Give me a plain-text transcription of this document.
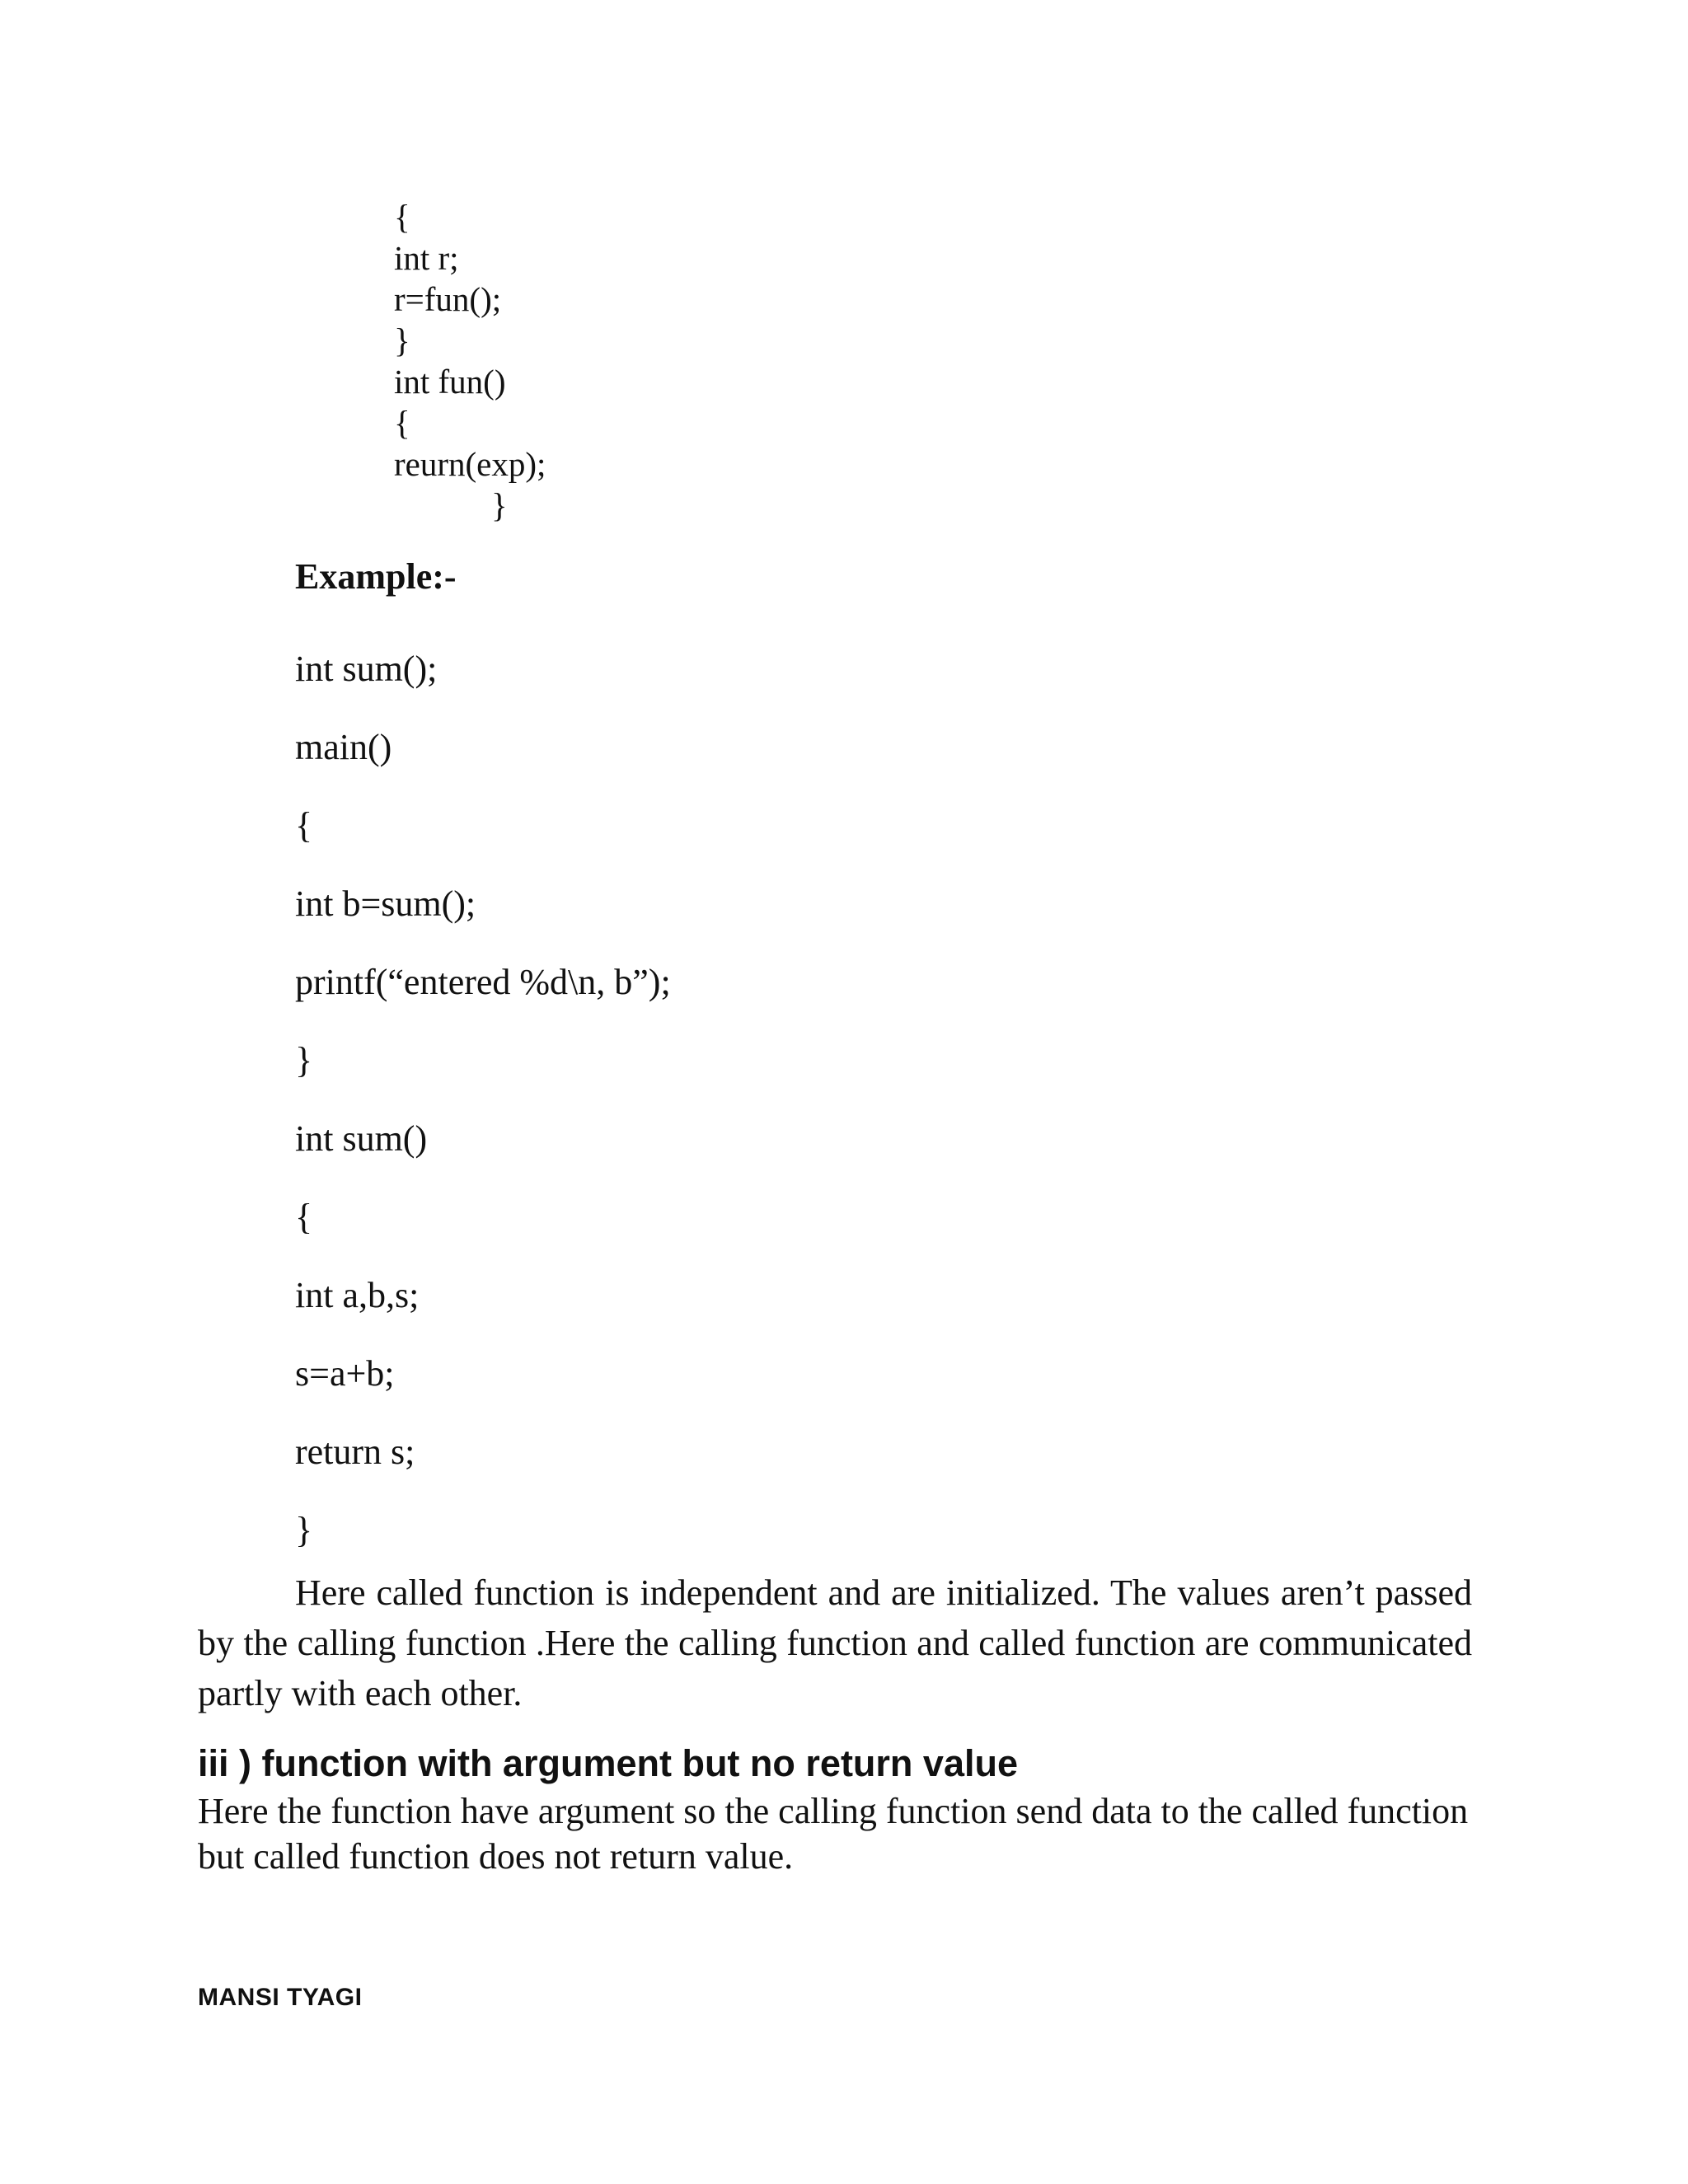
{
int r;
r=fun();
}
int fun()
{
reurn(exp);
}
Example:-
int sum();
main()
{
int b=sum();
printf(“entered %d\n, b”);
}
int sum()
{
int a,b,s;
s=a+b;
return s;
}

Here called function is independent and are initialized. The values aren’t passed by the calling function .Here the calling function and called function are communicated partly with each other.

iii ) function with argument but no return value

Here the function have argument so the calling function send data to the called function but called function does not return value.

MANSI TYAGI
